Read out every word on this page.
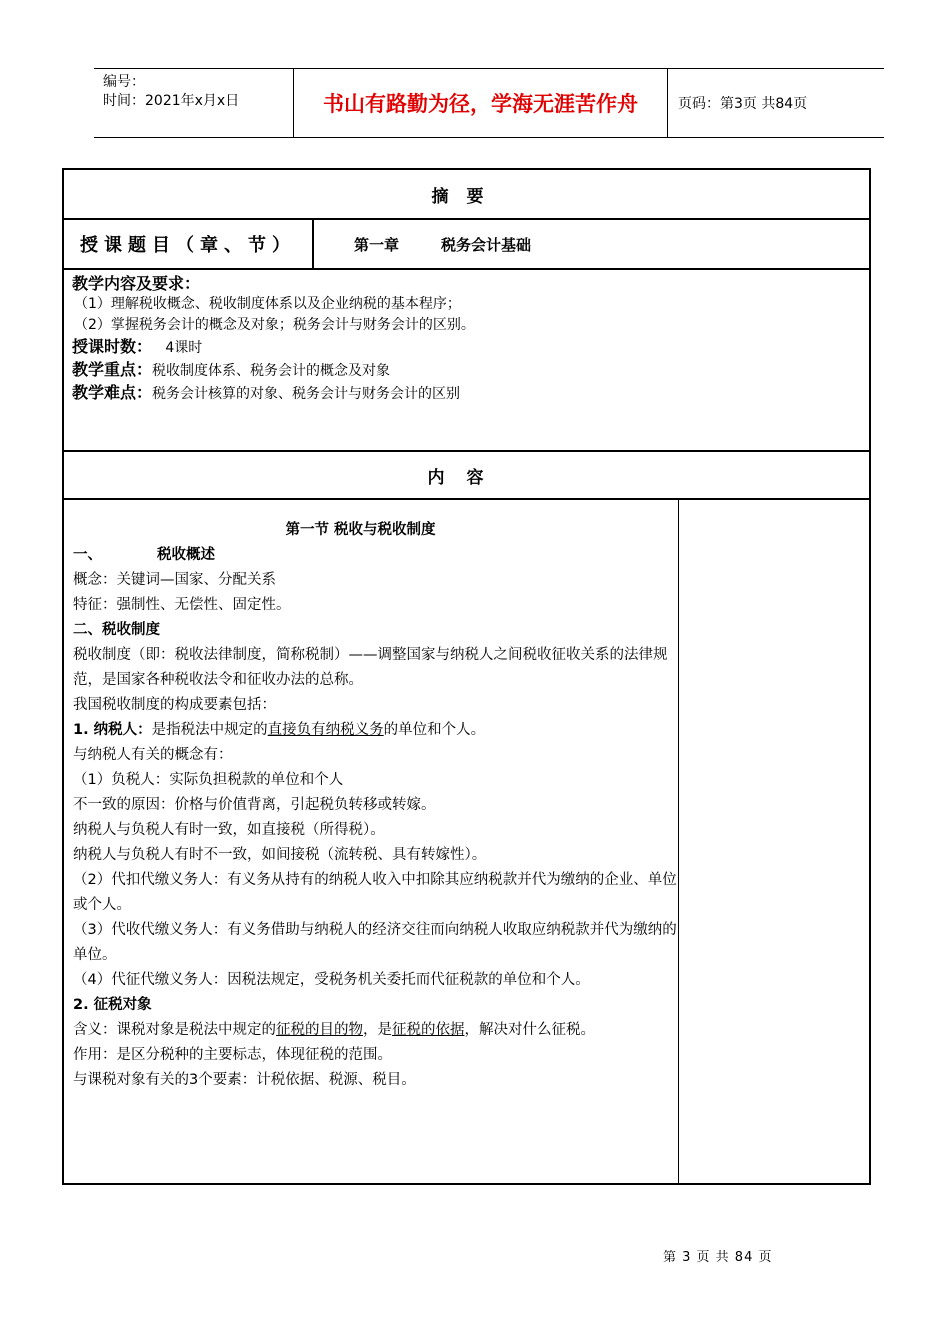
编号：
时间：2021年x月x日	书山有路勤为径，学海无涯苦作舟	页码：第3页 共84页
摘要
授课题目（章、节）	第一章	税务会计基础
教学内容及要求：
（1）理解税收概念、税收制度体系以及企业纳税的基本程序；
（2）掌握税务会计的概念及对象；税务会计与财务会计的区别。
授课时数： 4课时
教学重点：税收制度体系、税务会计的概念及对象
教学难点：税务会计核算的对象、税务会计与财务会计的区别
内容
第一节 税收与税收制度
一、	税收概述
概念：关键词—国家、分配关系
特征：强制性、无偿性、固定性。
二、税收制度
税收制度（即：税收法律制度，简称税制）——调整国家与纳税人之间税收征收关系的法律规范，是国家各种税收法令和征收办法的总称。
我国税收制度的构成要素包括：
1. 纳税人：是指税法中规定的直接负有纳税义务的单位和个人。
与纳税人有关的概念有：
（1）负税人：实际负担税款的单位和个人
不一致的原因：价格与价值背离，引起税负转移或转嫁。
纳税人与负税人有时一致，如直接税（所得税）。
纳税人与负税人有时不一致，如间接税（流转税、具有转嫁性）。
（2）代扣代缴义务人：有义务从持有的纳税人收入中扣除其应纳税款并代为缴纳的企业、单位或个人。
（3）代收代缴义务人：有义务借助与纳税人的经济交往而向纳税人收取应纳税款并代为缴纳的单位。
（4）代征代缴义务人：因税法规定，受税务机关委托而代征税款的单位和个人。
2. 征税对象
含义：课税对象是税法中规定的征税的目的物，是征税的依据，解决对什么征税。
作用：是区分税种的主要标志，体现征税的范围。
与课税对象有关的3个要素：计税依据、税源、税目。
第 3 页 共 84 页
